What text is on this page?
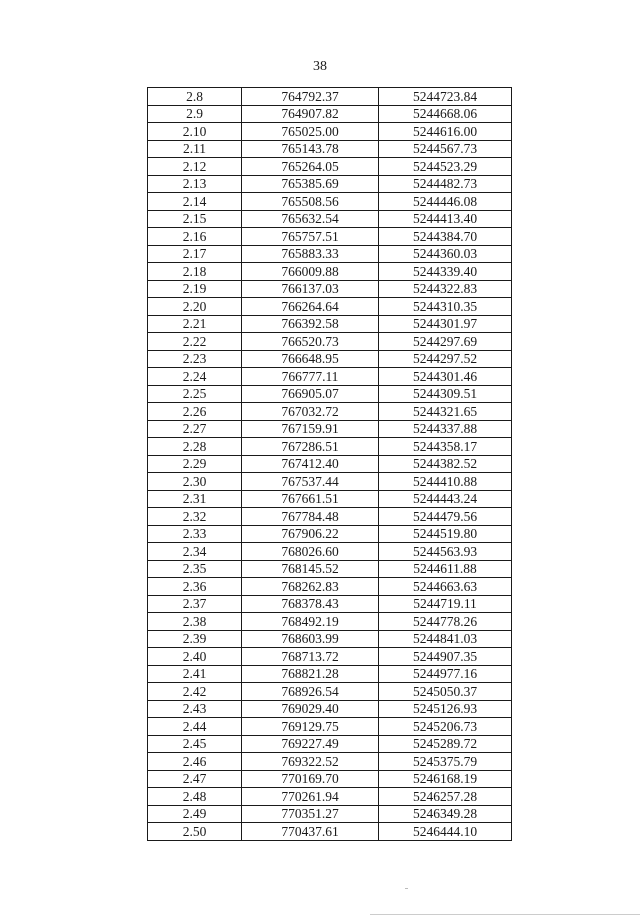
38
2.8	764792.37	5244723.84
2.9	764907.82	5244668.06
2.10	765025.00	5244616.00
2.11	765143.78	5244567.73
2.12	765264.05	5244523.29
2.13	765385.69	5244482.73
2.14	765508.56	5244446.08
2.15	765632.54	5244413.40
2.16	765757.51	5244384.70
2.17	765883.33	5244360.03
2.18	766009.88	5244339.40
2.19	766137.03	5244322.83
2.20	766264.64	5244310.35
2.21	766392.58	5244301.97
2.22	766520.73	5244297.69
2.23	766648.95	5244297.52
2.24	766777.11	5244301.46
2.25	766905.07	5244309.51
2.26	767032.72	5244321.65
2.27	767159.91	5244337.88
2.28	767286.51	5244358.17
2.29	767412.40	5244382.52
2.30	767537.44	5244410.88
2.31	767661.51	5244443.24
2.32	767784.48	5244479.56
2.33	767906.22	5244519.80
2.34	768026.60	5244563.93
2.35	768145.52	5244611.88
2.36	768262.83	5244663.63
2.37	768378.43	5244719.11
2.38	768492.19	5244778.26
2.39	768603.99	5244841.03
2.40	768713.72	5244907.35
2.41	768821.28	5244977.16
2.42	768926.54	5245050.37
2.43	769029.40	5245126.93
2.44	769129.75	5245206.73
2.45	769227.49	5245289.72
2.46	769322.52	5245375.79
2.47	770169.70	5246168.19
2.48	770261.94	5246257.28
2.49	770351.27	5246349.28
2.50	770437.61	5246444.10
